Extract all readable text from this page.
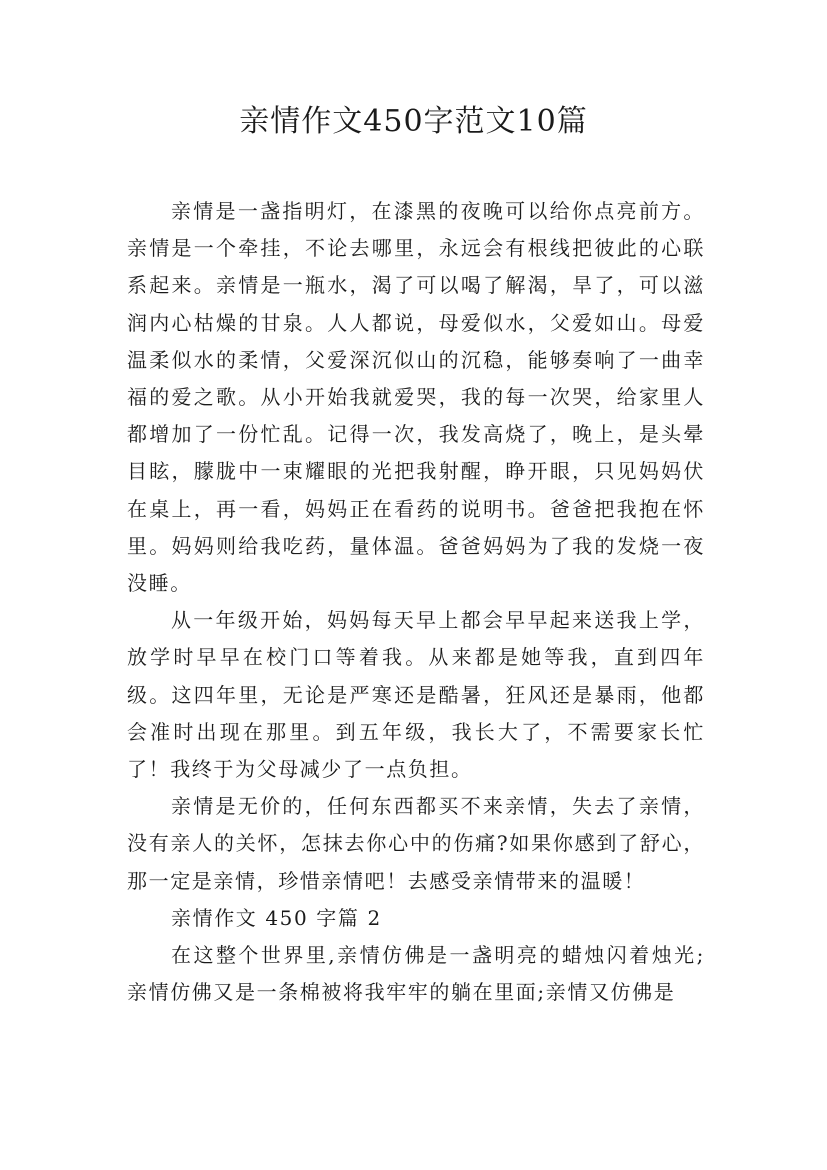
亲情作文450字范文10篇

亲情是一盏指明灯，在漆黑的夜晚可以给你点亮前方。亲情是一个牵挂，不论去哪里，永远会有根线把彼此的心联系起来。亲情是一瓶水，渴了可以喝了解渴，旱了，可以滋润内心枯燥的甘泉。人人都说，母爱似水，父爱如山。母爱温柔似水的柔情，父爱深沉似山的沉稳，能够奏响了一曲幸福的爱之歌。从小开始我就爱哭，我的每一次哭，给家里人都增加了一份忙乱。记得一次，我发高烧了，晚上，是头晕目眩，朦胧中一束耀眼的光把我射醒，睁开眼，只见妈妈伏在桌上，再一看，妈妈正在看药的说明书。爸爸把我抱在怀里。妈妈则给我吃药，量体温。爸爸妈妈为了我的发烧一夜没睡。

从一年级开始，妈妈每天早上都会早早起来送我上学，放学时早早在校门口等着我。从来都是她等我，直到四年级。这四年里，无论是严寒还是酷暑，狂风还是暴雨，他都会准时出现在那里。到五年级，我长大了，不需要家长忙了！我终于为父母减少了一点负担。

亲情是无价的，任何东西都买不来亲情，失去了亲情，没有亲人的关怀，怎抹去你心中的伤痛?如果你感到了舒心，那一定是亲情，珍惜亲情吧！去感受亲情带来的温暖！

亲情作文 450 字篇 2

在这整个世界里,亲情仿佛是一盏明亮的蜡烛闪着烛光;亲情仿佛又是一条棉被将我牢牢的躺在里面;亲情又仿佛是
